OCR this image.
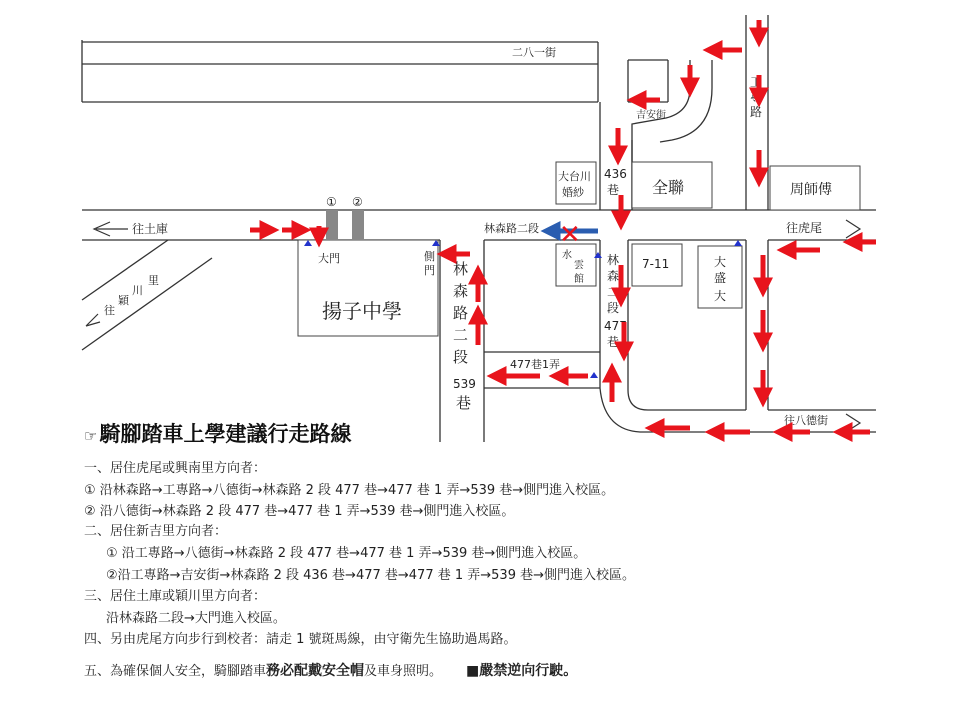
二八一街
吉安街
工
專
路
436
巷
林森路二段
往土庫	往虎尾
往
穎
川
里
林
森
路
二
段
539
巷
林
森
二
段
477
巷
477巷1弄
往八德街
揚子中學
大門	側
門
全聯	周師傅
大台川
婚紗
7-11	大
盛
大
水
雲
館
① ②
✕
☞騎腳踏車上學建議行走路線
一、居住虎尾或興南里方向者：
① 沿林森路→工專路→八德街→林森路 2 段 477 巷→477 巷 1 弄→539 巷→側門進入校區。
② 沿八德街→林森路 2 段 477 巷→477 巷 1 弄→539 巷→側門進入校區。
二、居住新吉里方向者：
① 沿工專路→八德街→林森路 2 段 477 巷→477 巷 1 弄→539 巷→側門進入校區。
②沿工專路→吉安街→林森路 2 段 436 巷→477 巷→477 巷 1 弄→539 巷→側門進入校區。
三、居住土庫或穎川里方向者：
沿林森路二段→大門進入校區。
四、另由虎尾方向步行到校者：請走 1 號斑馬線，由守衛先生協助過馬路。
五、為確保個人安全，騎腳踏車務必配戴安全帽及車身照明。 ■嚴禁逆向行駛。
